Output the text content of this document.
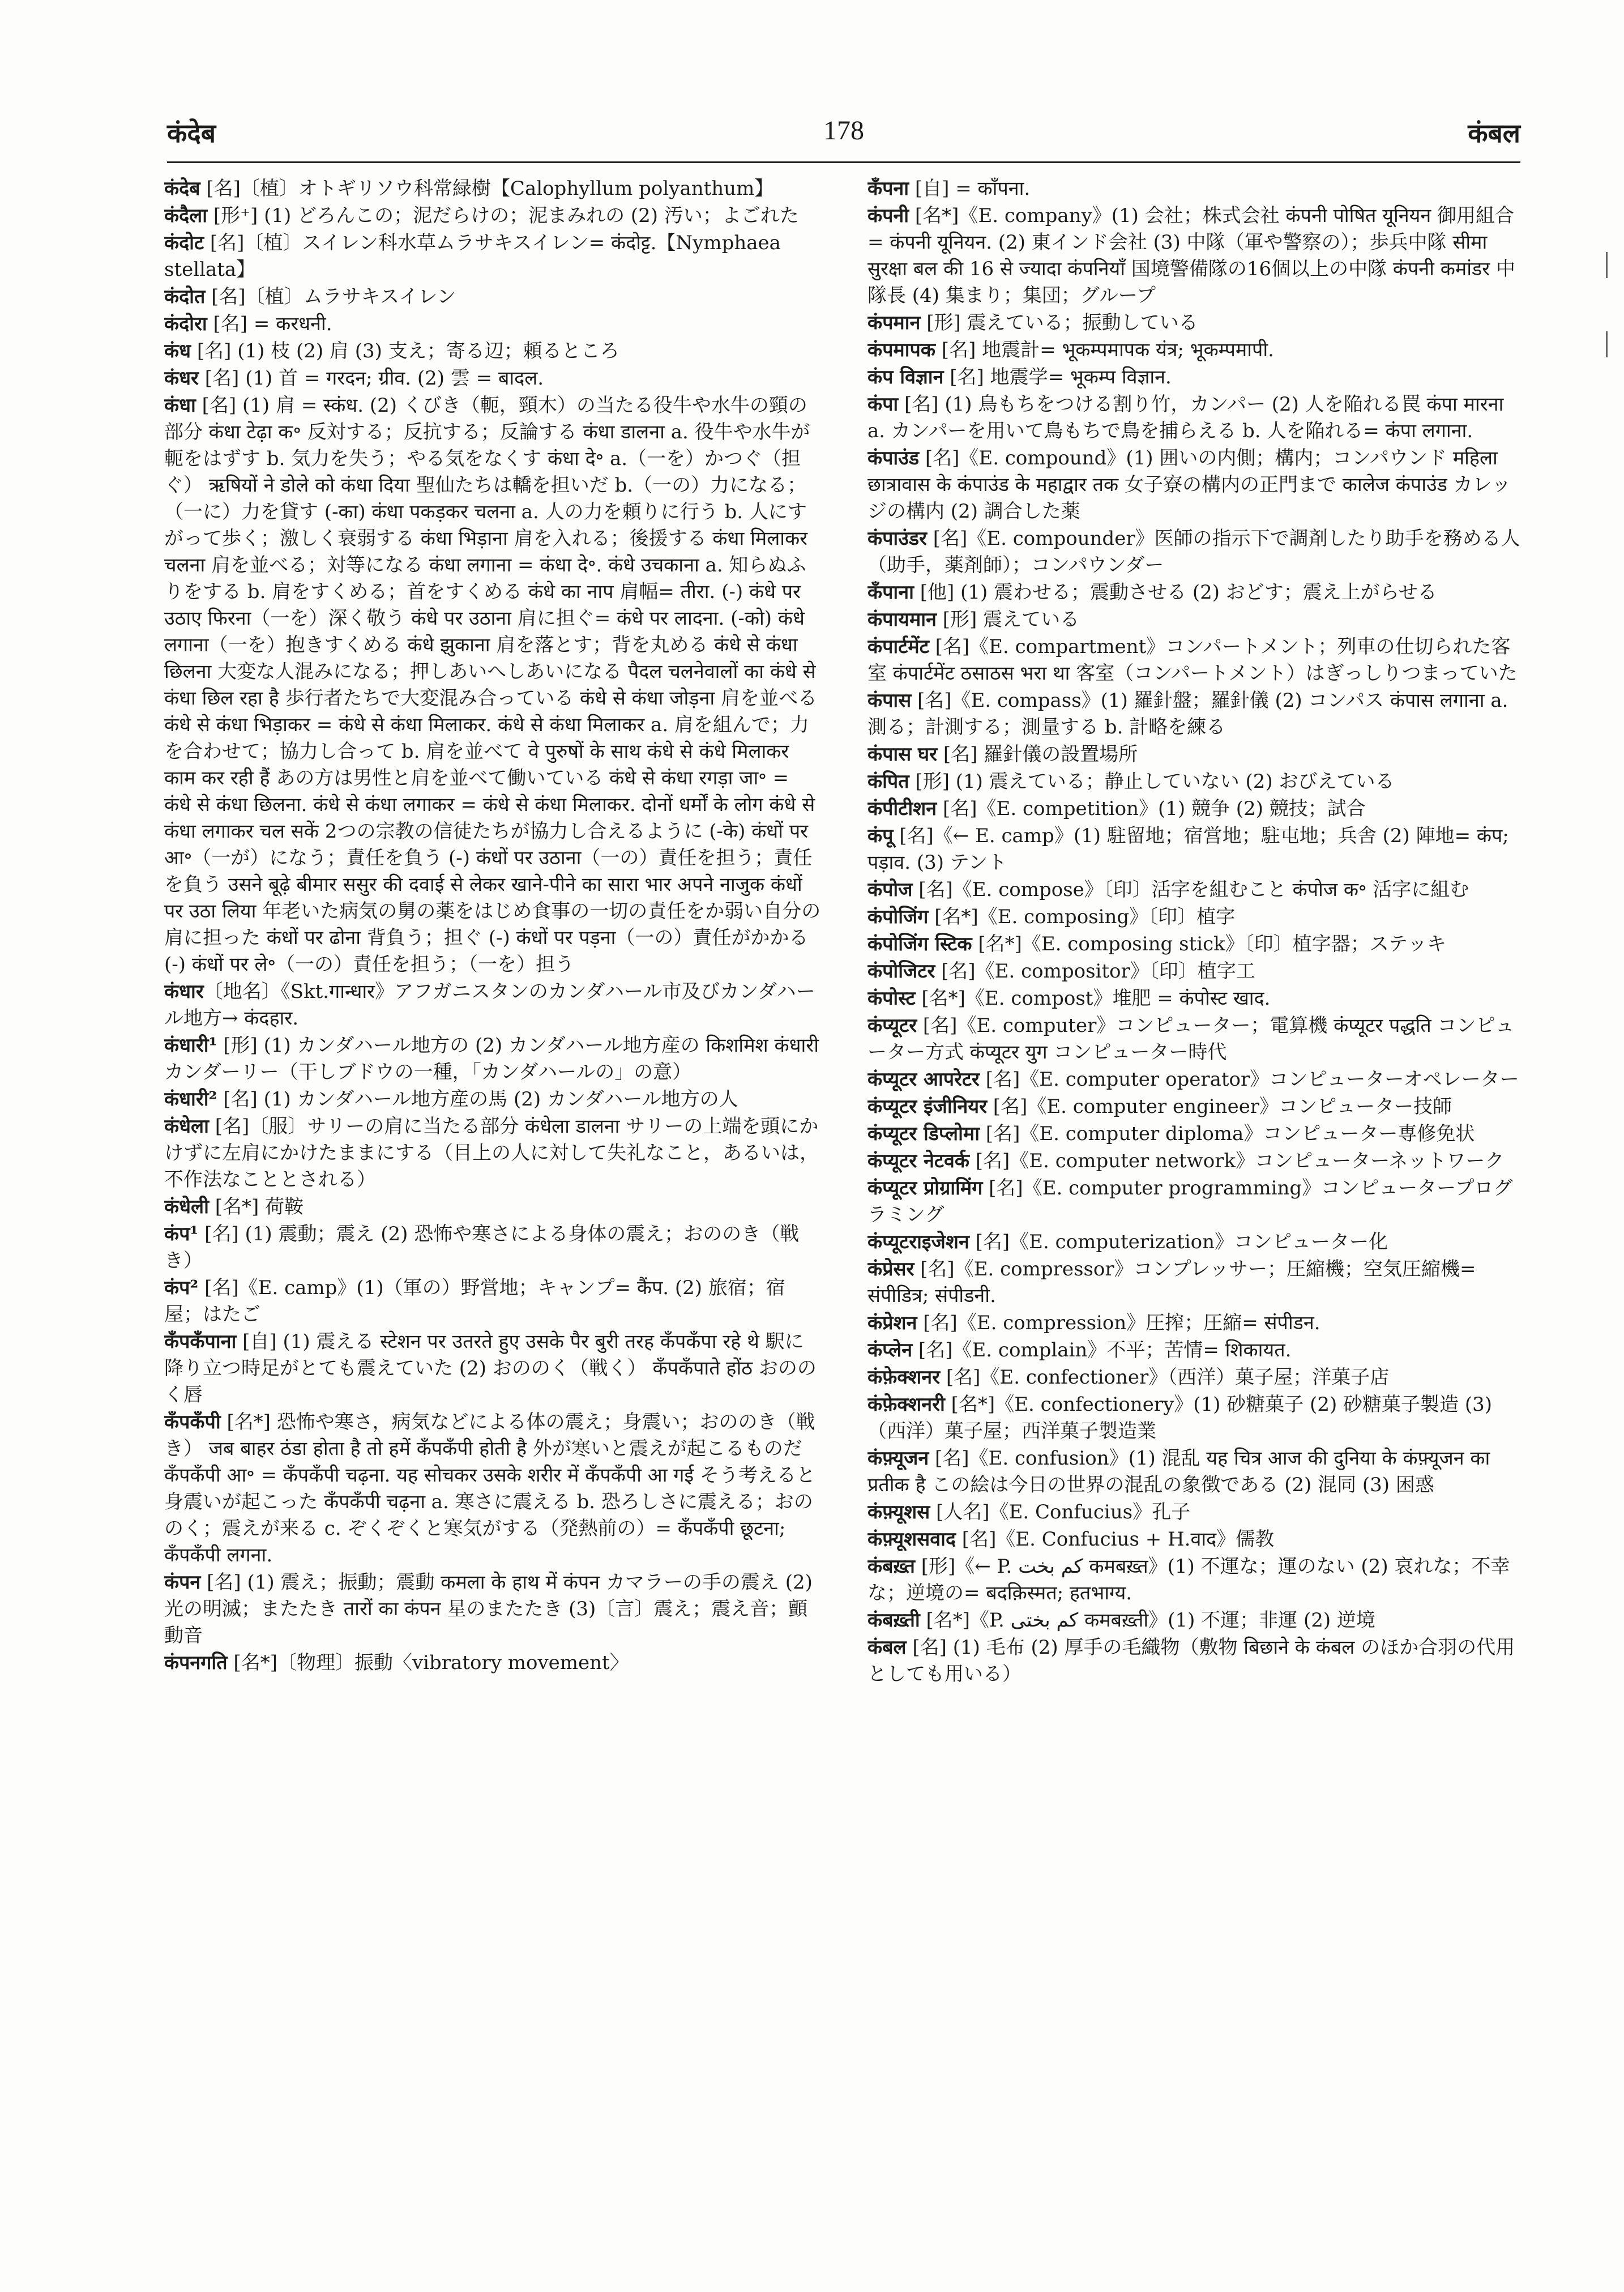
कंदेब	178	कंबल

कंदेब [名]〔植〕オトギリソウ科常緑樹【Calophyllum polyanthum】

कंदैला [形⁺] (1) どろんこの；泥だらけの；泥まみれの (2) 汚い；よごれた

कंदोट [名]〔植〕スイレン科水草ムラサキスイレン= कंदोट्ट.【Nymphaea stellata】

कंदोत [名]〔植〕ムラサキスイレン

कंदोरा [名] = करधनी.

कंध [名] (1) 枝 (2) 肩 (3) 支え；寄る辺；頼るところ

कंधर [名] (1) 首 = गरदन; ग्रीव. (2) 雲 = बादल.

कंधा [名] (1) 肩 = स्कंध. (2) くびき（軛，頸木）の当たる役牛や水牛の頸の部分 कंधा टेढ़ा क॰ 反対する；反抗する；反論する कंधा डालना a. 役牛や水牛が軛をはずす b. 気力を失う；やる気をなくす कंधा दे॰ a.（一を）かつぐ（担ぐ） ऋषियों ने डोले को कंधा दिया 聖仙たちは轎を担いだ b.（一の）力になる；（一に）力を貸す (-का) कंधा पकड़कर चलना a. 人の力を頼りに行う b. 人にすがって歩く；激しく衰弱する कंधा भिड़ाना 肩を入れる；後援する कंधा मिलाकर चलना 肩を並べる；対等になる कंधा लगाना = कंधा दे॰. कंधे उचकाना a. 知らぬふりをする b. 肩をすくめる；首をすくめる कंधे का नाप 肩幅= तीरा. (-) कंधे पर उठाए फिरना（一を）深く敬う कंधे पर उठाना 肩に担ぐ= कंधे पर लादना. (-को) कंधे लगाना（一を）抱きすくめる कंधे झुकाना 肩を落とす；背を丸める कंधे से कंधा छिलना 大変な人混みになる；押しあいへしあいになる पैदल चलनेवालों का कंधे से कंधा छिल रहा है 歩行者たちで大変混み合っている कंधे से कंधा जोड़ना 肩を並べる कंधे से कंधा भिड़ाकर = कंधे से कंधा मिलाकर. कंधे से कंधा मिलाकर a. 肩を組んで；力を合わせて；協力し合って b. 肩を並べて वे पुरुषों के साथ कंधे से कंधे मिलाकर काम कर रही हैं あの方は男性と肩を並べて働いている कंधे से कंधा रगड़ा जा॰ = कंधे से कंधा छिलना. कंधे से कंधा लगाकर = कंधे से कंधा मिलाकर. दोनों धर्मों के लोग कंधे से कंधा लगाकर चल सकें 2つの宗教の信徒たちが協力し合えるように (-के) कंधों पर आ॰（一が）になう；責任を負う (-) कंधों पर उठाना（一の）責任を担う；責任を負う उसने बूढ़े बीमार ससुर की दवाई से लेकर खाने-पीने का सारा भार अपने नाजुक कंधों पर उठा लिया 年老いた病気の舅の薬をはじめ食事の一切の責任をか弱い自分の肩に担った कंधों पर ढोना 背負う；担ぐ (-) कंधों पर पड़ना（一の）責任がかかる (-) कंधों पर ले॰（一の）責任を担う；（一を）担う

कंधार〔地名〕《Skt.गान्धार》アフガニスタンのカンダハール市及びカンダハール地方→ कंदहार.

कंधारी¹ [形] (1) カンダハール地方の (2) カンダハール地方産の किशमिश कंधारी カンダーリー（干しブドウの一種，「カンダハールの」の意）

कंधारी² [名] (1) カンダハール地方産の馬 (2) カンダハール地方の人

कंधेला [名]〔服〕サリーの肩に当たる部分 कंधेला डालना サリーの上端を頭にかけずに左肩にかけたままにする（目上の人に対して失礼なこと，あるいは，不作法なこととされる）

कंधेली [名*] 荷鞍

कंप¹ [名] (1) 震動；震え (2) 恐怖や寒さによる身体の震え；おののき（戦き）

कंप² [名]《E. camp》(1)（軍の）野営地；キャンプ= कैंप. (2) 旅宿；宿屋；はたご

कँपकँपाना [自] (1) 震える स्टेशन पर उतरते हुए उसके पैर बुरी तरह कँपकँपा रहे थे 駅に降り立つ時足がとても震えていた (2) おののく（戦く） कँपकँपाते होंठ おののく唇

कँपकँपी [名*] 恐怖や寒さ，病気などによる体の震え；身震い；おののき（戦き） जब बाहर ठंडा होता है तो हमें कँपकँपी होती है 外が寒いと震えが起こるものだ कँपकँपी आ॰ = कँपकँपी चढ़ना. यह सोचकर उसके शरीर में कँपकँपी आ गई そう考えると身震いが起こった कँपकँपी चढ़ना a. 寒さに震える b. 恐ろしさに震える；おののく；震えが来る c. ぞくぞくと寒気がする（発熱前の）= कँपकँपी छूटना; कँपकँपी लगना.

कंपन [名] (1) 震え；振動；震動 कमला के हाथ में कंपन カマラーの手の震え (2) 光の明滅；またたき तारों का कंपन 星のまたたき (3)〔言〕震え；震え音；顫動音

कंपनगति [名*]〔物理〕振動〈vibratory movement〉

कँपना [自] = काँपना.

कंपनी [名*]《E. company》(1) 会社；株式会社 कंपनी पोषित यूनियन 御用組合 = कंपनी यूनियन. (2) 東インド会社 (3) 中隊（軍や警察の）；歩兵中隊 सीमा सुरक्षा बल की 16 से ज्यादा कंपनियाँ 国境警備隊の16個以上の中隊 कंपनी कमांडर 中隊長 (4) 集まり；集団；グループ

कंपमान [形] 震えている；振動している

कंपमापक [名] 地震計= भूकम्पमापक यंत्र; भूकम्पमापी.

कंप विज्ञान [名] 地震学= भूकम्प विज्ञान.

कंपा [名] (1) 鳥もちをつける割り竹，カンパー (2) 人を陥れる罠 कंपा मारना a. カンパーを用いて鳥もちで鳥を捕らえる b. 人を陥れる= कंपा लगाना.

कंपाउंड [名]《E. compound》(1) 囲いの内側；構内；コンパウンド महिला छात्रावास के कंपाउंड के महाद्वार तक 女子寮の構内の正門まで कालेज कंपाउंड カレッジの構内 (2) 調合した薬

कंपाउंडर [名]《E. compounder》医師の指示下で調剤したり助手を務める人（助手，薬剤師）；コンパウンダー

कँपाना [他] (1) 震わせる；震動させる (2) おどす；震え上がらせる

कंपायमान [形] 震えている

कंपार्टमेंट [名]《E. compartment》コンパートメント；列車の仕切られた客室 कंपार्टमेंट ठसाठस भरा था 客室（コンパートメント）はぎっしりつまっていた

कंपास [名]《E. compass》(1) 羅針盤；羅針儀 (2) コンパス कंपास लगाना a. 測る；計測する；測量する b. 計略を練る

कंपास घर [名] 羅針儀の設置場所

कंपित [形] (1) 震えている；静止していない (2) おびえている

कंपीटीशन [名]《E. competition》(1) 競争 (2) 競技；試合

कंपू [名]《← E. camp》(1) 駐留地；宿営地；駐屯地；兵舎 (2) 陣地= कंप; पड़ाव. (3) テント

कंपोज [名]《E. compose》〔印〕活字を組むこと कंपोज क॰ 活字に組む

कंपोजिंग [名*]《E. composing》〔印〕植字

कंपोजिंग स्टिक [名*]《E. composing stick》〔印〕植字器；ステッキ

कंपोजिटर [名]《E. compositor》〔印〕植字工

कंपोस्ट [名*]《E. compost》堆肥 = कंपोस्ट खाद.

कंप्यूटर [名]《E. computer》コンピューター；電算機 कंप्यूटर पद्धति コンピューター方式 कंप्यूटर युग コンピューター時代

कंप्यूटर आपरेटर [名]《E. computer operator》コンピューターオペレーター

कंप्यूटर इंजीनियर [名]《E. computer engineer》コンピューター技師

कंप्यूटर डिप्लोमा [名]《E. computer diploma》コンピューター専修免状

कंप्यूटर नेटवर्क [名]《E. computer network》コンピューターネットワーク

कंप्यूटर प्रोग्रामिंग [名]《E. computer programming》コンピュータープログラミング

कंप्यूटराइजेशन [名]《E. computerization》コンピューター化

कंप्रेसर [名]《E. compressor》コンプレッサー；圧縮機；空気圧縮機= संपीडित्र; संपीडनी.

कंप्रेशन [名]《E. compression》圧搾；圧縮= संपीडन.

कंप्लेन [名]《E. complain》不平；苦情= शिकायत.

कंफ़ेक्शनर [名]《E. confectioner》（西洋）菓子屋；洋菓子店

कंफ़ेक्शनरी [名*]《E. confectionery》(1) 砂糖菓子 (2) 砂糖菓子製造 (3)（西洋）菓子屋；西洋菓子製造業

कंफ़्यूजन [名]《E. confusion》(1) 混乱 यह चित्र आज की दुनिया के कंफ़्यूजन का प्रतीक है この絵は今日の世界の混乱の象徴である (2) 混同 (3) 困惑

कंफ़्यूशस [人名]《E. Confucius》孔子

कंफ़्यूशसवाद [名]《E. Confucius + H.वाद》儒教

कंबख़्त [形]《← P. کم بخت कमबख़्त》(1) 不運な；運のない (2) 哀れな；不幸な；逆境の= बदक़िस्मत; हतभाग्य.

कंबख़्ती [名*]《P. کم بختی कमबख़्ती》(1) 不運；非運 (2) 逆境

कंबल [名] (1) 毛布 (2) 厚手の毛織物（敷物 बिछाने के कंबल のほか合羽の代用としても用いる）
